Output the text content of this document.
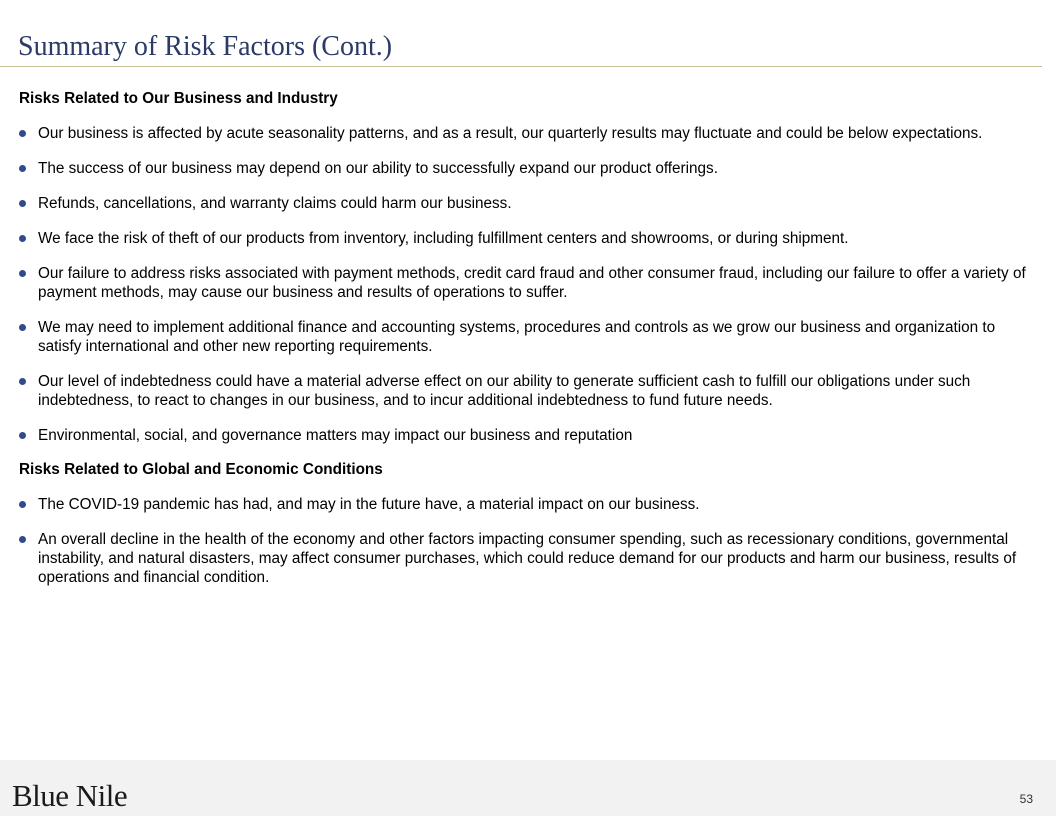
Summary of Risk Factors (Cont.)
Risks Related to Our Business and Industry
Our business is affected by acute seasonality patterns, and as a result, our quarterly results may fluctuate and could be below expectations.
The success of our business may depend on our ability to successfully expand our product offerings.
Refunds, cancellations, and warranty claims could harm our business.
We face the risk of theft of our products from inventory, including fulfillment centers and showrooms, or during shipment.
Our failure to address risks associated with payment methods, credit card fraud and other consumer fraud, including our failure to offer a variety of payment methods, may cause our business and results of operations to suffer.
We may need to implement additional finance and accounting systems, procedures and controls as we grow our business and organization to satisfy international and other new reporting requirements.
Our level of indebtedness could have a material adverse effect on our ability to generate sufficient cash to fulfill our obligations under such indebtedness, to react to changes in our business, and to incur additional indebtedness to fund future needs.
Environmental, social, and governance matters may impact our business and reputation
Risks Related to Global and Economic Conditions
The COVID-19 pandemic has had, and may in the future have, a material impact on our business.
An overall decline in the health of the economy and other factors impacting consumer spending, such as recessionary conditions, governmental instability, and natural disasters, may affect consumer purchases, which could reduce demand for our products and harm our business, results of operations and financial condition.
Blue Nile	53
